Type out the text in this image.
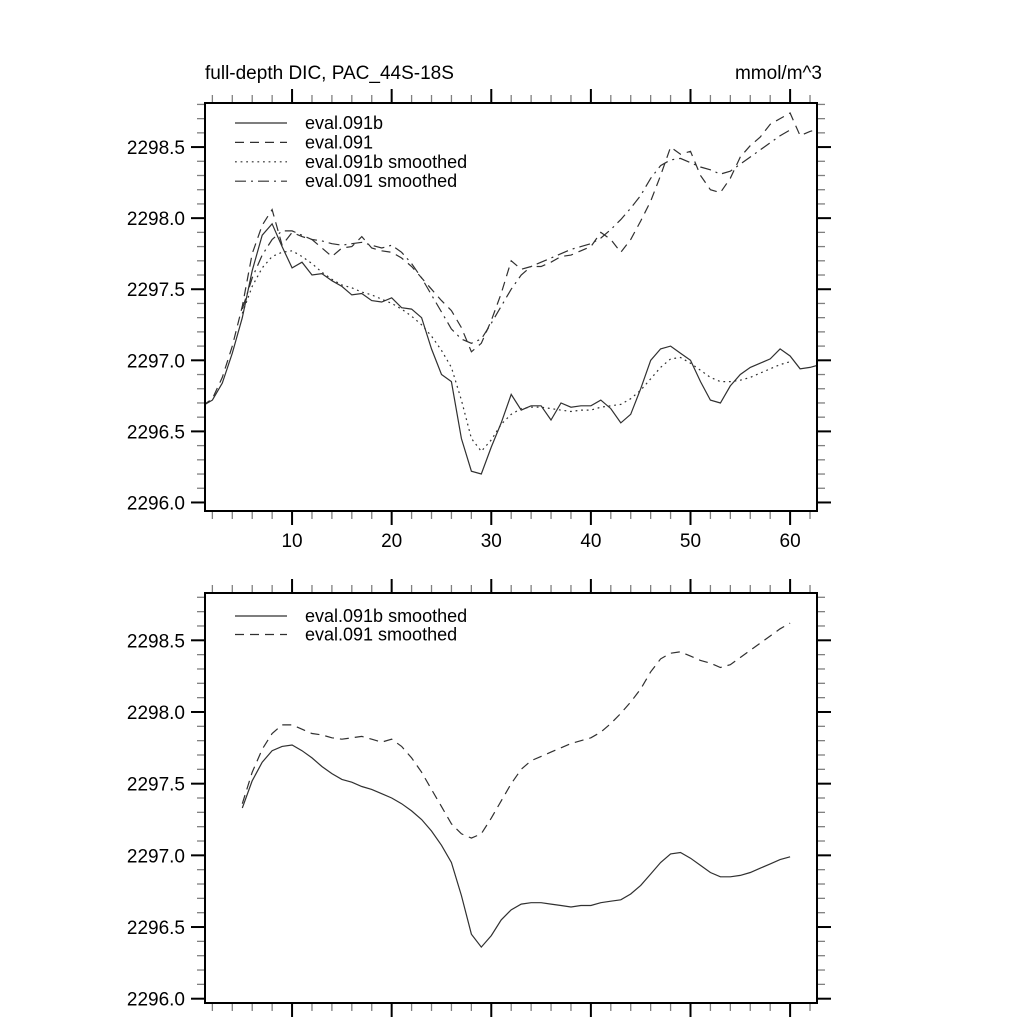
full-depth DIC, PAC_44S-18S	mmol/m^3
10	20	30	40	50	60
2296.0
2296.5
2297.0
2297.5
2298.0
2298.5
eval.091b
eval.091
eval.091b smoothed
eval.091 smoothed
2296.0
2296.5
2297.0
2297.5
2298.0
2298.5
eval.091b smoothed
eval.091 smoothed
